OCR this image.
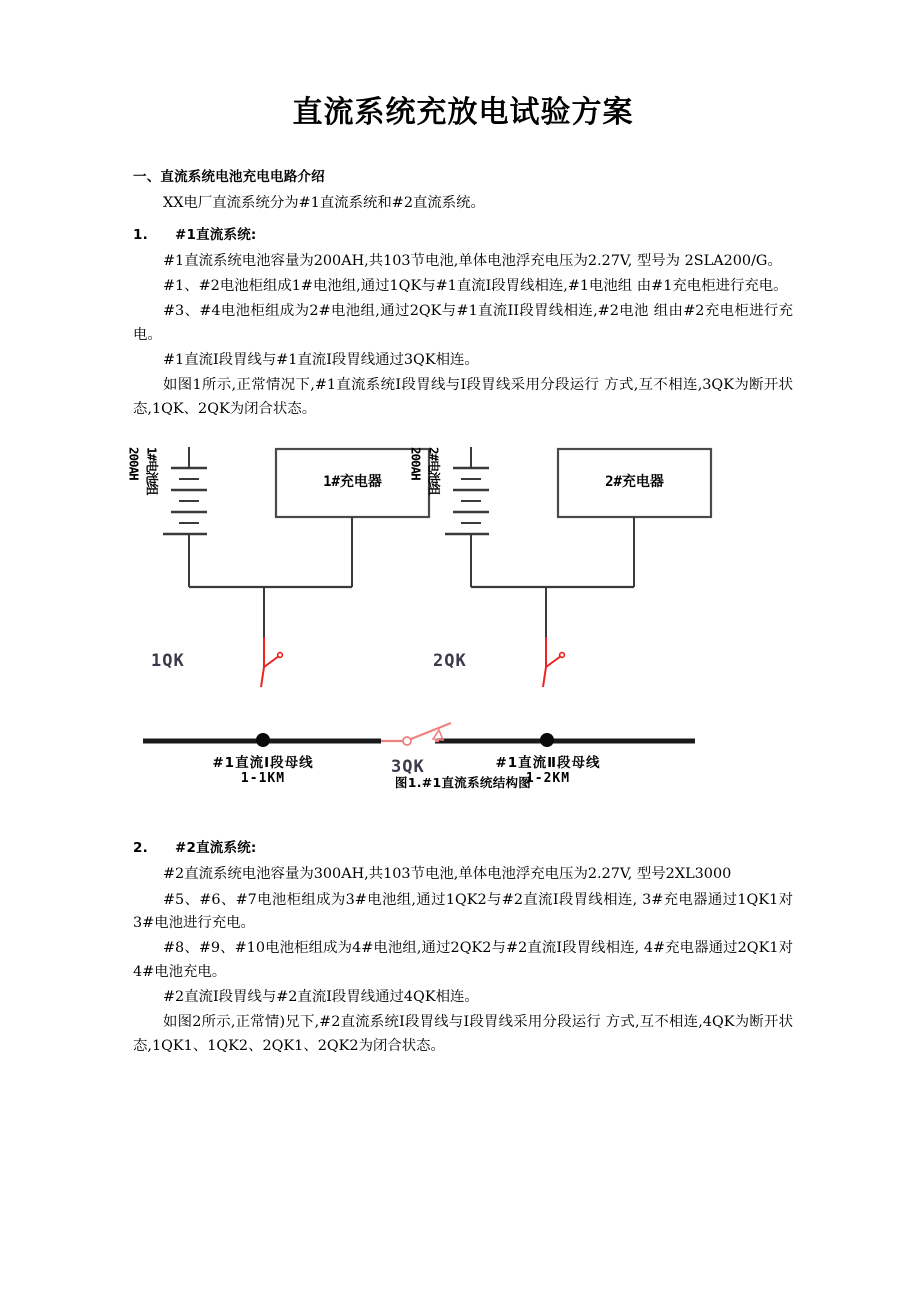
直流系统充放电试验方案
一、直流系统电池充电电路介绍

XX电厂直流系统分为#1直流系统和#2直流系统。

1.	#1直流系统:

#1直流系统电池容量为200AH,共103节电池,单体电池浮充电压为2.27V, 型号为 2SLA200/G。

#1、#2电池柜组成1#电池组,通过1QK与#1直流I段胃线相连,#1电池组 由#1充电柜进行充电。

#3、#4电池柜组成为2#电池组,通过2QK与#1直流II段胃线相连,#2电池 组由#2充电柜进行充电。

#1直流I段胃线与#1直流I段胃线通过3QK相连。

如图1所示,正常情况下,#1直流系统I段胃线与I段胃线采用分段运行 方式,互不相连,3QK为断开状态,1QK、2QK为闭合状态。

1#电池组
200AH	2#电池组
200AH
1#充电器	2#充电器
1QK	2QK
3QK
#1直流Ⅰ段母线
1-1KM
#1直流Ⅱ段母线
1-2KM
图1.#1直流系统结构图
2.	#2直流系统:

#2直流系统电池容量为300AH,共103节电池,单体电池浮充电压为2.27V, 型号2XL3000

#5、#6、#7电池柜组成为3#电池组,通过1QK2与#2直流I段胃线相连, 3#充电器通过1QK1对3#电池进行充电。

#8、#9、#10电池柜组成为4#电池组,通过2QK2与#2直流I段胃线相连, 4#充电器通过2QK1对4#电池充电。

#2直流I段胃线与#2直流I段胃线通过4QK相连。

如图2所示,正常情)兄下,#2直流系统I段胃线与I段胃线采用分段运行 方式,互不相连,4QK为断开状态,1QK1、1QK2、2QK1、2QK2为闭合状态。
